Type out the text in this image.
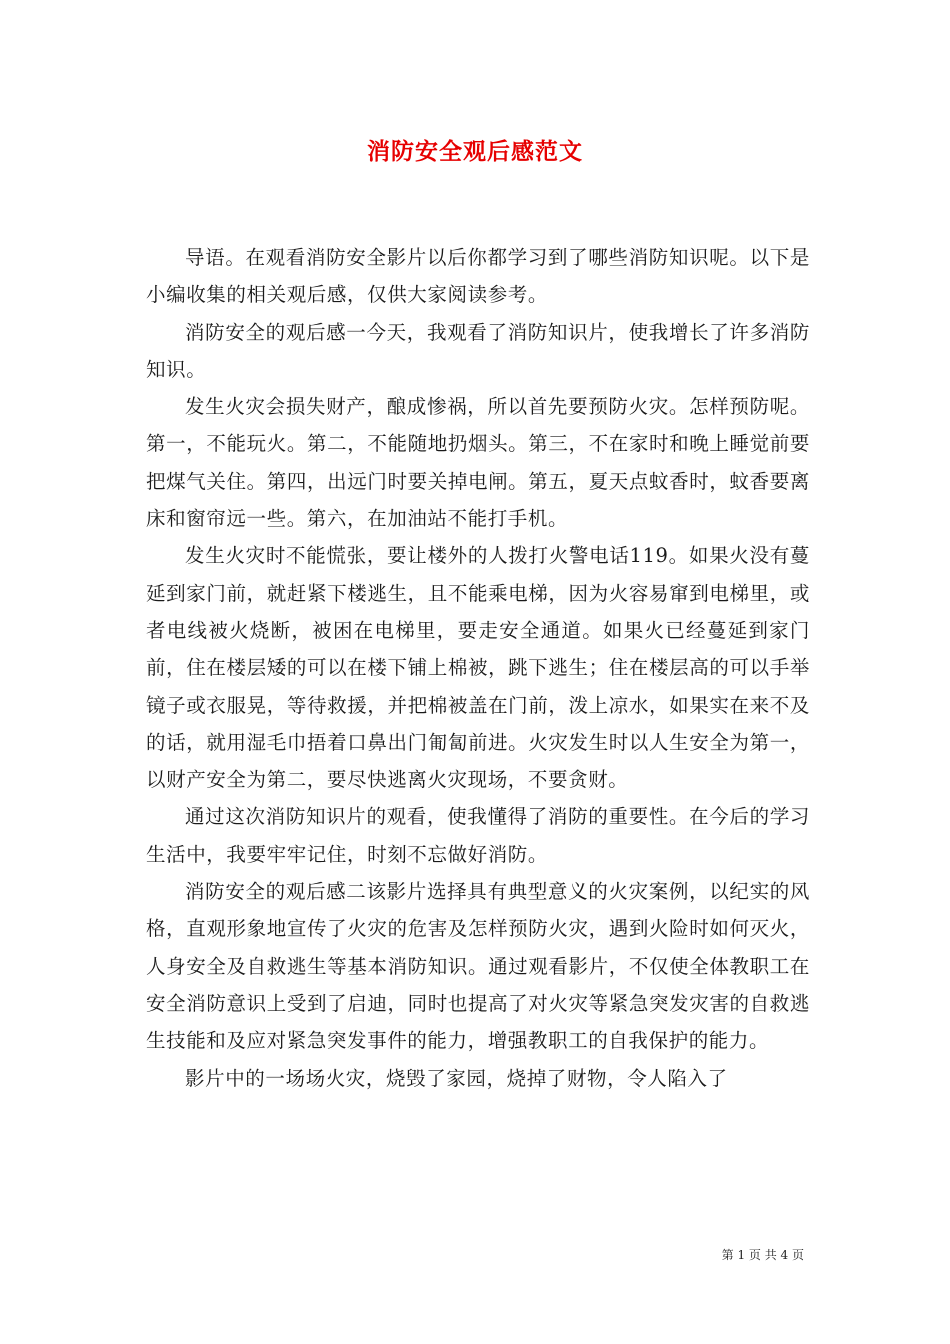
消防安全观后感范文

导语。在观看消防安全影片以后你都学习到了哪些消防知识呢。以下是小编收集的相关观后感，仅供大家阅读参考。

消防安全的观后感一今天，我观看了消防知识片，使我增长了许多消防知识。

发生火灾会损失财产，酿成惨祸，所以首先要预防火灾。怎样预防呢。第一，不能玩火。第二，不能随地扔烟头。第三，不在家时和晚上睡觉前要把煤气关住。第四，出远门时要关掉电闸。第五，夏天点蚊香时，蚊香要离床和窗帘远一些。第六，在加油站不能打手机。

发生火灾时不能慌张，要让楼外的人拨打火警电话119。如果火没有蔓延到家门前，就赶紧下楼逃生，且不能乘电梯，因为火容易窜到电梯里，或者电线被火烧断，被困在电梯里，要走安全通道。如果火已经蔓延到家门前，住在楼层矮的可以在楼下铺上棉被，跳下逃生；住在楼层高的可以手举镜子或衣服晃，等待救援，并把棉被盖在门前，泼上凉水，如果实在来不及的话，就用湿毛巾捂着口鼻出门匍匐前进。火灾发生时以人生安全为第一，以财产安全为第二，要尽快逃离火灾现场，不要贪财。

通过这次消防知识片的观看，使我懂得了消防的重要性。在今后的学习生活中，我要牢牢记住，时刻不忘做好消防。

消防安全的观后感二该影片选择具有典型意义的火灾案例，以纪实的风格，直观形象地宣传了火灾的危害及怎样预防火灾，遇到火险时如何灭火，人身安全及自救逃生等基本消防知识。通过观看影片，不仅使全体教职工在安全消防意识上受到了启迪，同时也提高了对火灾等紧急突发灾害的自救逃生技能和及应对紧急突发事件的能力，增强教职工的自我保护的能力。

影片中的一场场火灾，烧毁了家园，烧掉了财物，令人陷入了

第 1 页 共 4 页
